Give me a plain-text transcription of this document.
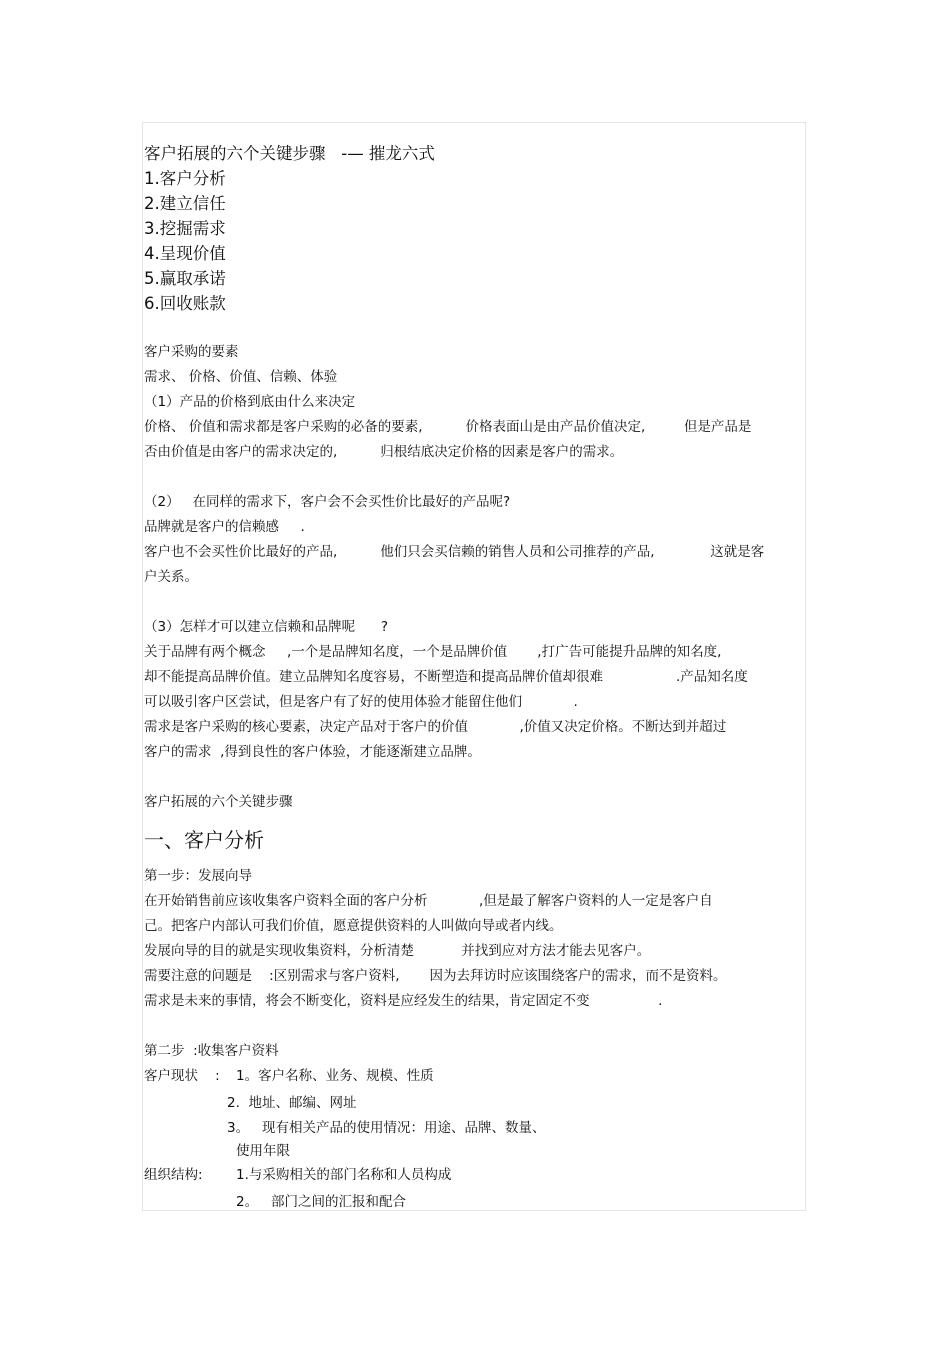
客户拓展的六个关键步骤   -— 摧龙六式
1.客户分析
2.建立信任
3.挖掘需求
4.呈现价值
5.赢取承诺
6.回收账款
客户采购的要素
需求、 价格、价值、信赖、体验
（1）产品的价格到底由什么来决定
价格、 价值和需求都是客户采购的必备的要素,          价格表面山是由产品价值决定,         但是产品是
否由价值是由客户的需求决定的,          归根结底决定价格的因素是客户的需求。
（2）   在同样的需求下，客户会不会买性价比最好的产品呢?
品牌就是客户的信赖感     .
客户也不会买性价比最好的产品,          他们只会买信赖的销售人员和公司推荐的产品,             这就是客
户关系。
（3）怎样才可以建立信赖和品牌呢      ?
关于品牌有两个概念     ,一个是品牌知名度，一个是品牌价值       ,打广告可能提升品牌的知名度,
却不能提高品牌价值。建立品牌知名度容易，不断塑造和提高品牌价值却很难                 .产品知名度
可以吸引客户区尝试，但是客户有了好的使用体验才能留住他们            .
需求是客户采购的核心要素，决定产品对于客户的价值            ,价值又决定价格。不断达到并超过
客户的需求  ,得到良性的客户体验，才能逐渐建立品牌。
客户拓展的六个关键步骤
一、客户分析
第一步：发展向导
在开始销售前应该收集客户资料全面的客户分析            ,但是最了解客户资料的人一定是客户自
己。把客户内部认可我们价值，愿意提供资料的人叫做向导或者内线。
发展向导的目的就是实现收集资料，分析清楚           并找到应对方法才能去见客户。
需要注意的问题是    :区别需求与客户资料,       因为去拜访时应该围绕客户的需求，而不是资料。
需求是未来的事情，将会不断变化，资料是应经发生的结果，肯定固定不变                .
第二步  :收集客户资料
客户现状    : 1。客户名称、业务、规模、性质
2.  地址、邮编、网址
3。   现有相关产品的使用情况：用途、品牌、数量、
使用年限
组织结构: 1.与采购相关的部门名称和人员构成
2。   部门之间的汇报和配合
